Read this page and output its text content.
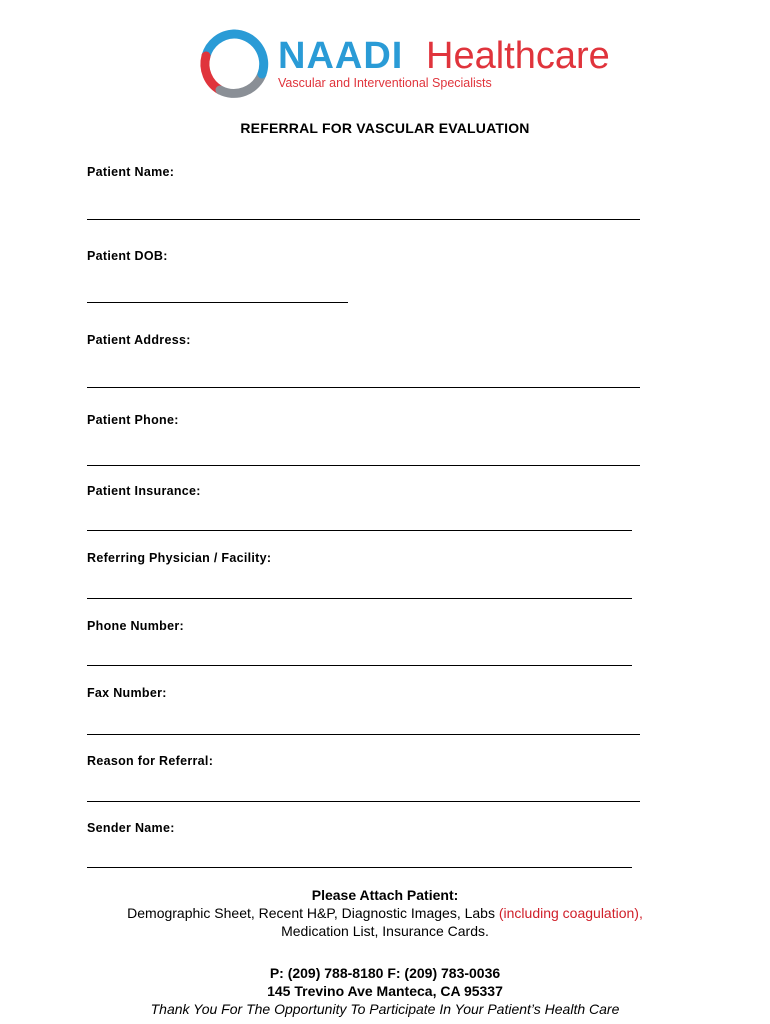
NAADI Healthcare
Vascular and Interventional Specialists
REFERRAL FOR VASCULAR EVALUATION
Patient Name:
Patient DOB:
Patient Address:
Patient Phone:
Patient Insurance:
Referring Physician / Facility:
Phone Number:
Fax Number:
Reason for Referral:
Sender Name:
Please Attach Patient:
Demographic Sheet, Recent H&P, Diagnostic Images, Labs (including coagulation),
Medication List, Insurance Cards.
P: (209) 788-8180 F: (209) 783-0036
145 Trevino Ave Manteca, CA 95337
Thank You For The Opportunity To Participate In Your Patient’s Health Care
